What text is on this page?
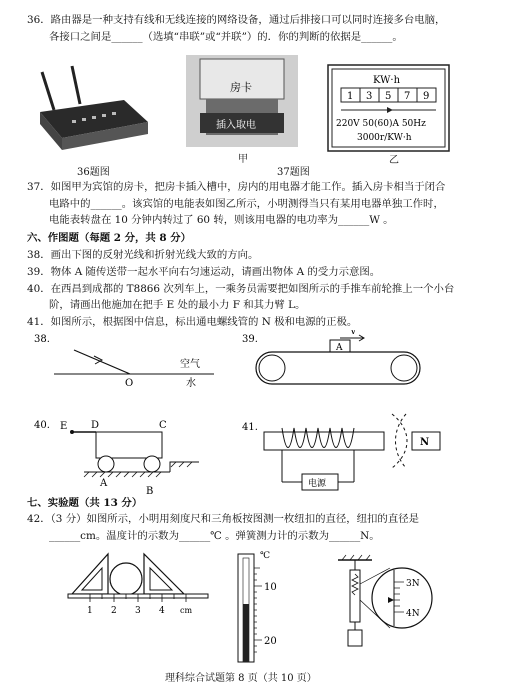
36．路由器是一种支持有线和无线连接的网络设备，通过后排接口可以同时连接多台电脑，
各接口之间是______（选填“串联”或“并联”）的．你的判断的依据是______。
房卡
插入取电
KW·h
1 3 5 7 9
220V 50(60)A 50Hz
3000r/KW·h
36题图
甲
37题图
乙
37．如图甲为宾馆的房卡，把房卡插入槽中，房内的用电器才能工作。插入房卡相当于闭合
电路中的______。该宾馆的电能表如图乙所示，小明测得当只有某用电器单独工作时，
电能表转盘在 10 分钟内转过了 60 转，则该用电器的电功率为______W 。
六、作图题（每题 2 分，共 8 分）
38．画出下图的反射光线和折射光线大致的方向。
39．物体 A 随传送带一起水平向右匀速运动，请画出物体 A 的受力示意图。
40．在西昌到成都的 T8866 次列车上，一乘务员需要把如图所示的手推车前轮推上一个小台
阶，请画出他施加在把手 E 处的最小力 F 和其力臂 L。
41．如图所示，根据图中信息，标出通电螺线管的 N 极和电源的正极。
38.
空气
水
O
39.
V
A
40. E D	C
A
B
41.
电源
N
七、实验题（共 13 分）
42．（3 分）如图所示，小明用刻度尺和三角板按图测一枚纽扣的直径，纽扣的直径是
______cm。温度计的示数为______℃ 。弹簧测力计的示数为______N。
1 2 3 4 cm
℃
10
20
3N
4N
理科综合试题第 8 页（共 10 页）
